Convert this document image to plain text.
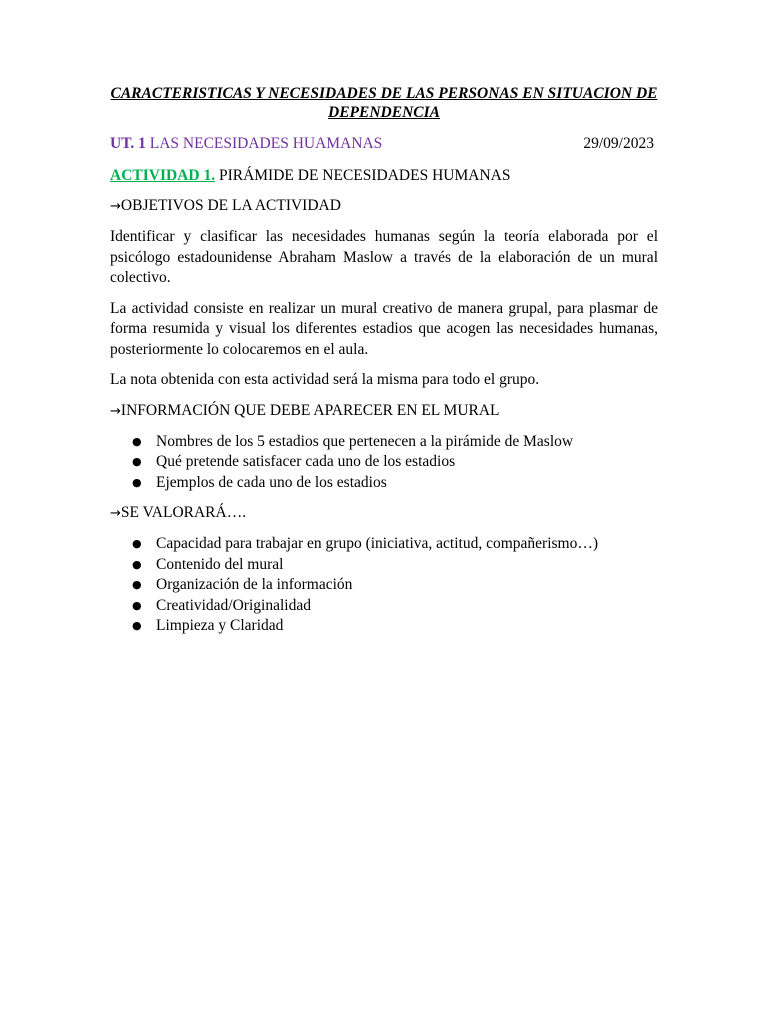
CARACTERISTICAS Y NECESIDADES DE LAS PERSONAS EN SITUACION DE DEPENDENCIA
UT. 1 LAS NECESIDADES HUAMANAS	29/09/2023
ACTIVIDAD 1. PIRÁMIDE DE NECESIDADES HUMANAS
→OBJETIVOS DE LA ACTIVIDAD

Identificar y clasificar las necesidades humanas según la teoría elaborada por el psicólogo estadounidense Abraham Maslow a través de la elaboración de un mural colectivo.

La actividad consiste en realizar un mural creativo de manera grupal, para plasmar de forma resumida y visual los diferentes estadios que acogen las necesidades humanas, posteriormente lo colocaremos en el aula.

La nota obtenida con esta actividad será la misma para todo el grupo.

→INFORMACIÓN QUE DEBE APARECER EN EL MURAL
● Nombres de los 5 estadios que pertenecen a la pirámide de Maslow
● Qué pretende satisfacer cada uno de los estadios
● Ejemplos de cada uno de los estadios
→SE VALORARÁ….
● Capacidad para trabajar en grupo (iniciativa, actitud, compañerismo…)
● Contenido del mural
● Organización de la información
● Creatividad/Originalidad
● Limpieza y Claridad
